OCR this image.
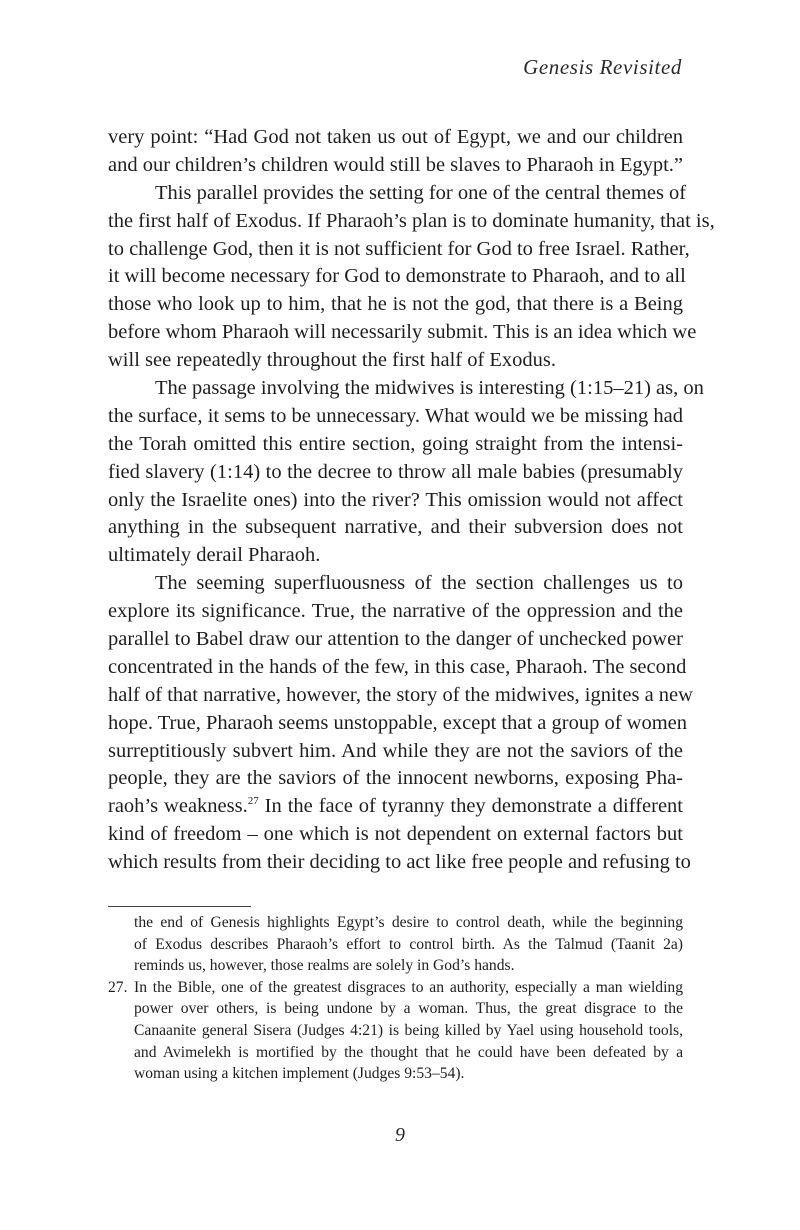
Genesis Revisited
very point: “Had God not taken us out of Egypt, we and our children
and our children’s children would still be slaves to Pharaoh in Egypt.”
This parallel provides the setting for one of the central themes of
the first half of Exodus. If Pharaoh’s plan is to dominate humanity, that is,
to challenge God, then it is not sufficient for God to free Israel. Rather,
it will become necessary for God to demonstrate to Pharaoh, and to all
those who look up to him, that he is not the god, that there is a Being
before whom Pharaoh will necessarily submit. This is an idea which we
will see repeatedly throughout the first half of Exodus.
The passage involving the midwives is interesting (1:15–21) as, on
the surface, it sems to be unnecessary. What would we be missing had
the Torah omitted this entire section, going straight from the intensi-
fied slavery (1:14) to the decree to throw all male babies (presumably
only the Israelite ones) into the river? This omission would not affect
anything in the subsequent narrative, and their subversion does not
ultimately derail Pharaoh.
The seeming superfluousness of the section challenges us to
explore its significance. True, the narrative of the oppression and the
parallel to Babel draw our attention to the danger of unchecked power
concentrated in the hands of the few, in this case, Pharaoh. The second
half of that narrative, however, the story of the midwives, ignites a new
hope. True, Pharaoh seems unstoppable, except that a group of women
surreptitiously subvert him. And while they are not the saviors of the
people, they are the saviors of the innocent newborns, exposing Pha-
raoh’s weakness.$^{27}$ In the face of tyranny they demonstrate a different
kind of freedom – one which is not dependent on external factors but
which results from their deciding to act like free people and refusing to
the end of Genesis highlights Egypt’s desire to control death, while the beginning
of Exodus describes Pharaoh’s effort to control birth. As the Talmud (Taanit 2a)
reminds us, however, those realms are solely in God’s hands.
27. In the Bible, one of the greatest disgraces to an authority, especially a man wielding
power over others, is being undone by a woman. Thus, the great disgrace to the
Canaanite general Sisera (Judges 4:21) is being killed by Yael using household tools,
and Avimelekh is mortified by the thought that he could have been defeated by a
woman using a kitchen implement (Judges 9:53–54).
9
